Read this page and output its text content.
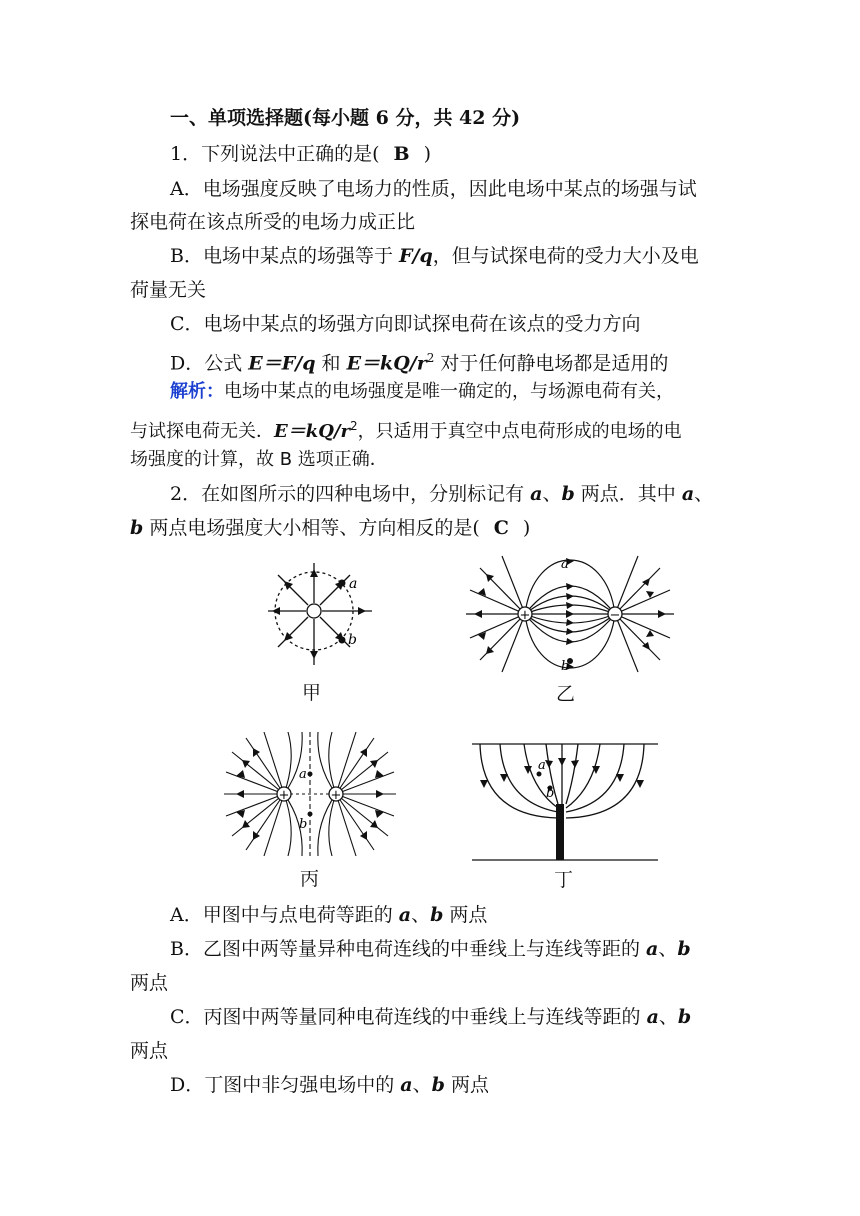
一、单项选择题(每小题 6 分，共 42 分)
1．下列说法中正确的是( B )
A．电场强度反映了电场力的性质，因此电场中某点的场强与试
探电荷在该点所受的电场力成正比
B．电场中某点的场强等于 F/q，但与试探电荷的受力大小及电
荷量无关
C．电场中某点的场强方向即试探电荷在该点的受力方向
D．公式 E＝F/q 和 $E=kQ/r^2$ 对于任何静电场都是适用的
解析：电场中某点的电场强度是唯一确定的，与场源电荷有关，
与试探电荷无关．$E=kQ/r^2$，只适用于真空中点电荷形成的电场的电
场强度的计算，故 B 选项正确．
2．在如图所示的四种电场中，分别标记有 a、b 两点．其中 a、
b 两点电场强度大小相等、方向相反的是( C )
a
b
甲
+	−
a
b
乙
+	+
a
b
丙
a
b
丁
A．甲图中与点电荷等距的 a、b 两点
B．乙图中两等量异种电荷连线的中垂线上与连线等距的 a、b
两点
C．丙图中两等量同种电荷连线的中垂线上与连线等距的 a、b
两点
D．丁图中非匀强电场中的 a、b 两点
